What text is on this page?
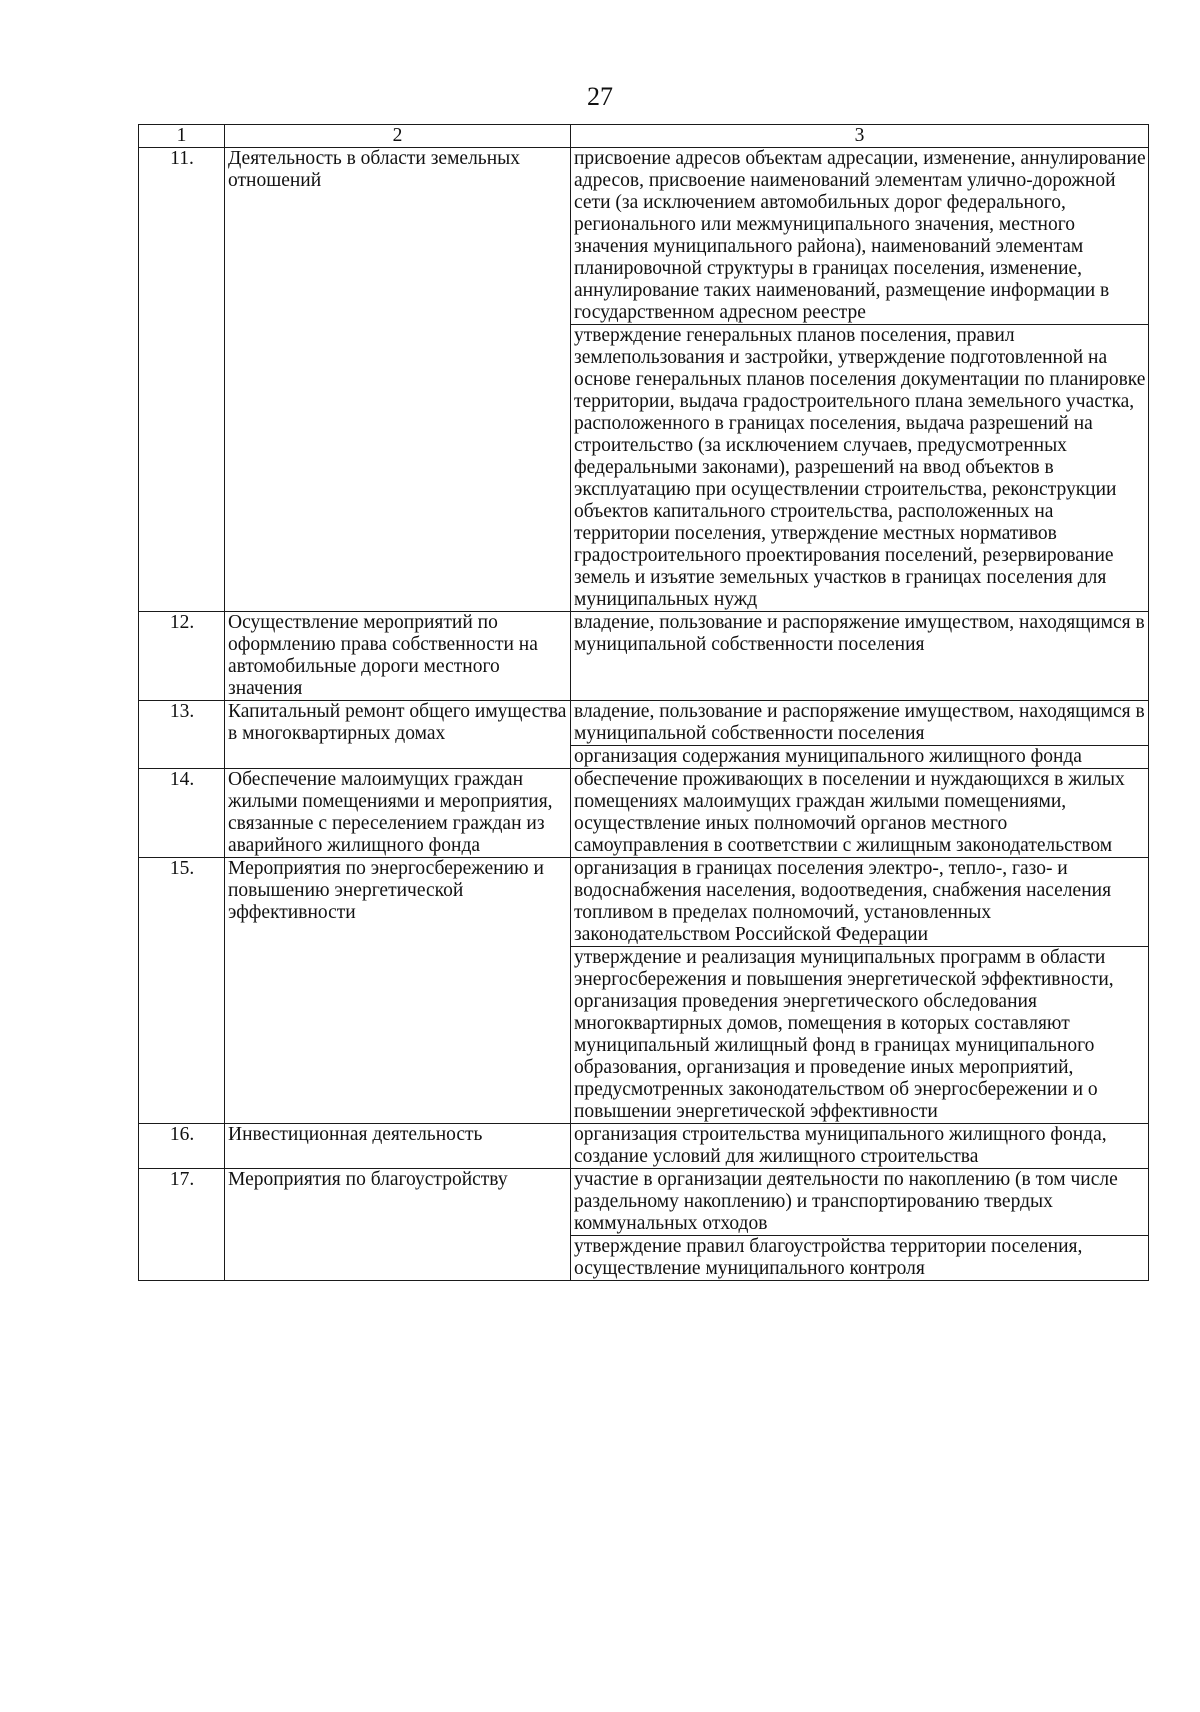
27
1	2	3
11.	Деятельность в области земельных отношений	присвоение адресов объектам адресации, изменение, аннулирование адресов, присвоение наименований элементам улично-дорожной сети (за исключением автомобильных дорог федерального, регионального или межмуниципального значения, местного значения муниципального района), наименований элементам планировочной структуры в границах поселения, изменение, аннулирование таких наименований, размещение информации в государственном адресном реестре
		утверждение генеральных планов поселения, правил землепользования и застройки, утверждение подготовленной на основе генеральных планов поселения документации по планировке территории, выдача градостроительного плана земельного участка, расположенного в границах поселения, выдача разрешений на строительство (за исключением случаев, предусмотренных федеральными законами), разрешений на ввод объектов в эксплуатацию при осуществлении строительства, реконструкции объектов капитального строительства, расположенных на территории поселения, утверждение местных нормативов градостроительного проектирования поселений, резервирование земель и изъятие земельных участков в границах поселения для муниципальных нужд
12.	Осуществление мероприятий по оформлению права собственности на автомобильные дороги местного значения	владение, пользование и распоряжение имуществом, находящимся в муниципальной собственности поселения
13.	Капитальный ремонт общего имущества в многоквартирных домах	владение, пользование и распоряжение имуществом, находящимся в муниципальной собственности поселения
		организация содержания муниципального жилищного фонда
14.	Обеспечение малоимущих граждан жилыми помещениями и мероприятия, связанные с переселением граждан из аварийного жилищного фонда	обеспечение проживающих в поселении и нуждающихся в жилых помещениях малоимущих граждан жилыми помещениями, осуществление иных полномочий органов местного самоуправления в соответствии с жилищным законодательством
15.	Мероприятия по энергосбережению и повышению энергетической эффективности	организация в границах поселения электро-, тепло-, газо- и водоснабжения населения, водоотведения, снабжения населения топливом в пределах полномочий, установленных законодательством Российской Федерации
		утверждение и реализация муниципальных программ в области энергосбережения и повышения энергетической эффективности, организация проведения энергетического обследования многоквартирных домов, помещения в которых составляют муниципальный жилищный фонд в границах муниципального образования, организация и проведение иных мероприятий, предусмотренных законодательством об энергосбережении и о повышении энергетической эффективности
16.	Инвестиционная деятельность	организация строительства муниципального жилищного фонда, создание условий для жилищного строительства
17.	Мероприятия по благоустройству	участие в организации деятельности по накоплению (в том числе раздельному накоплению) и транспортированию твердых коммунальных отходов
		утверждение правил благоустройства территории поселения, осуществление муниципального контроля
